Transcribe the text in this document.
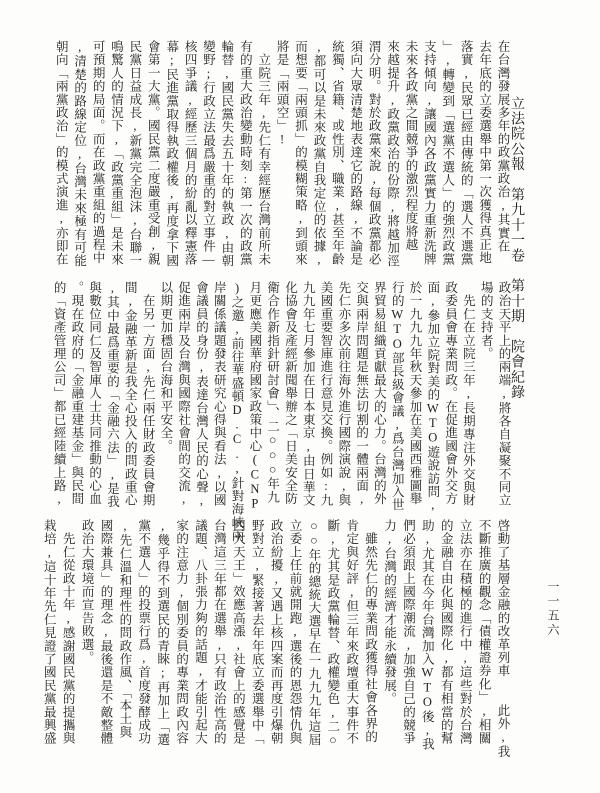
立法院公報　第九十一卷　第十期　院會紀錄
一一五六
在台灣發展多年的政黨政治,其實在
去年底的立委選舉中第一次獲得真正地
落實,民眾已經由傳統的「選人不選黨
」,轉變到「選黨不選人」的強烈政黨
支持傾向,讓國內各政黨實力重新洗牌
未來各政黨之間競爭的激烈程度將越
來越提升,政黨政治的份際,將越加涇
渭分明。對於政黨來說,每個政黨都必
須向大眾清楚地表達它的路線,不論是
統獨、省籍、或性別、職業,甚至年齡
,都可以是未來政黨自我定位的依據,
而想要「兩頭抓」的模糊策略,到頭來
將是「兩頭空」!
　立院三年,先仁有幸經歷台灣前所未
有的重大政治變動時刻:第一次的政黨
輪替,國民黨失去五十年的執政,由朝
變野;行政立法最爲嚴重的對立事件—
核四爭議,經歷三個月的紛亂以釋憲落
幕;民進黨取得執政權後,再度拿下國
會第一大黨。國民黨二度嚴重受創,親
民黨日益成長,新黨完全泡沫,台聯一
鳴驚人的情況下,「政黨重組」是未來
可預期的局面。而在政黨重組的過程中
,清楚的路線定位,台灣未來極有可能
朝向「兩黨政治」的模式演進,亦即在
政治天平上的兩端,將各自凝聚不同立
場的支持者。
　先仁在立院三年,長期專注外交與財
政委員會專業問政。在促進國會外交方
面,參加立院對美的WTO遊說訪問,
於一九九九年秋天參加在美國西雅圖舉
行的WTO部長級會議,爲台灣加入世
界貿易組織貢獻最大的心力。台灣的外
交與兩岸問題是無法切割的一體兩面,
先仁亦多次前往海外進行國際演說,與
美國重要智庫進行意見交換。例如:九
九九年七月參加在日本東京,由日華文
化協會及產經新聞舉辦之「日美安全防
衛合作新指針研討會」、二○○○年九
月更應美國華府國家政策中心(CNP
)之邀,前往華盛頓D.C.,針對海峽兩
岸關係議題發表研究心得與看法,以國
會議員的身份,表達台灣人民的心聲,
促進兩岸及台灣與國際社會間的交流,
以期更加穩固台海和平安全。
　在另一方面,先仁兩任財政委員會期
間,金融革新是我全心投入的問政重心
,其中最爲重要的「金融六法」,是我
與數位同仁及智庫人士共同推動的心血
。現在政府的「金融重建基金」與民間
的「資產管理公司」都已經陸續上路,
啓動了基層金融的改革列車　　此外,我
不斷推廣的觀念「債權證券化」,相關
立法亦在積極的進行中,這些對於台灣
的金融自由化與國際化,都有相當的幫
助,尤其在今年台灣加入WTO後,我
們必須跟上國際潮流,加強自己的競爭
力,台灣的經濟才能永續發展。
　雖然先仁的專業問政獲得社會各界的
肯定與好評,但三年來政壇重大事件不
斷,尤其是政黨輪替、政權變色,二○
○○年的總統大選早在一九九九年這屆
立委上任前就開跑,選後的恩怨情仇與
政治紛擾,又遇上核四案而再度引爆朝
野對立,緊接著去年年底立委選舉中「
四大天王」效應高漲,社會上的感覺是
台灣這三年都在選舉,只有政治性高的
議題、八卦張力夠的話題,才能引起大
家的注意力,個別委員的專業問政內容
,幾乎得不到選民的青睞;再加上「選
黨不選人」的投票行爲,首度發酵成功
,先仁溫和理性的問政作風、「本土與
國際兼具」的理念,最後還是不敵整體
政治大環境而宣告敗選。
　先仁從政十年,感謝國民黨的提攜與
栽培,這十年先仁見證了國民黨最興盛
